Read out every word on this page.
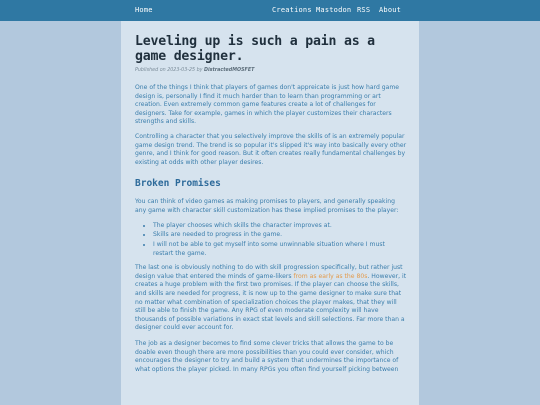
Home	Creations Mastodon RSS About
Leveling up is such a pain as a game designer.
Published on 2023-03-25 by DistractedMOSFET

One of the things I think that players of games don't appreicate is just how hard game design is, personally I find it much harder than to learn than programming or art creation. Even extremely common game features create a lot of challenges for designers. Take for example, games in which the player customizes their characters strengths and skills.

Controlling a character that you selectively improve the skills of is an extremely popular game design trend. The trend is so popular it's slipped it's way into basically every other genre, and I think for good reason. But it often creates really fundamental challenges by existing at odds with other player desires.

Broken Promises

You can think of video games as making promises to players, and generally speaking any game with character skill customization has these implied promises to the player:

• The player chooses which skills the character improves at.
• Skills are needed to progress in the game.
• I will not be able to get myself into some unwinnable situation where I must restart the game.

The last one is obviously nothing to do with skill progression specifically, but rather just design value that entered the minds of game-likers from as early as the 80s. However, it creates a huge problem with the first two promises. If the player can choose the skills, and skills are needed for progress, it is now up to the game designer to make sure that no matter what combination of specialization choices the player makes, that they will still be able to finish the game. Any RPG of even moderate complexity will have thousands of possible variations in exact stat levels and skill selections. Far more than a designer could ever account for.

The job as a designer becomes to find some clever tricks that allows the game to be doable even though there are more possibilities than you could ever consider, which encourages the designer to try and build a system that undermines the importance of what options the player picked. In many RPGs you often find yourself picking between
